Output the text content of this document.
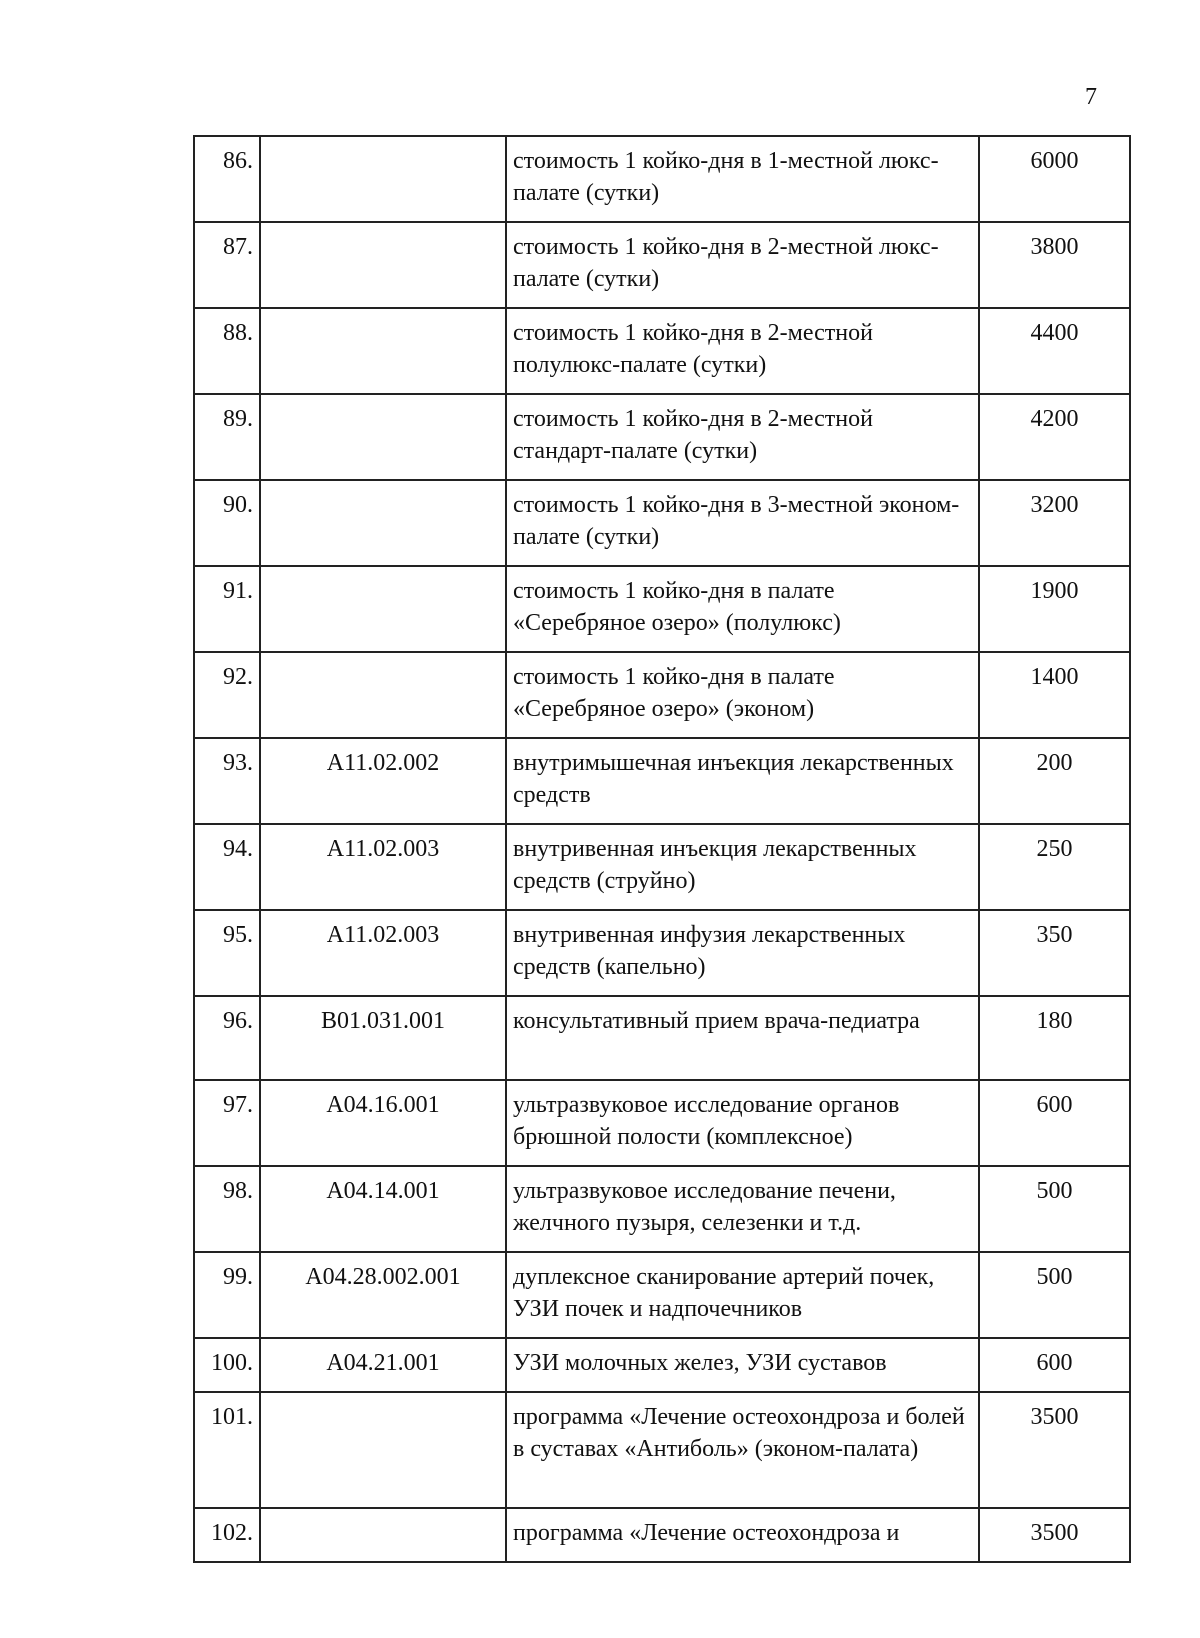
7
86.		стоимость 1 койко-дня в 1-местной люкс-палате (сутки)	6000
87.		стоимость 1 койко-дня в 2-местной люкс-палате (сутки)	3800
88.		стоимость 1 койко-дня в 2-местной полулюкс-палате (сутки)	4400
89.		стоимость 1 койко-дня в 2-местной стандарт-палате (сутки)	4200
90.		стоимость 1 койко-дня в 3-местной эконом-палате (сутки)	3200
91.		стоимость 1 койко-дня в палате «Серебряное озеро» (полулюкс)	1900
92.		стоимость 1 койко-дня в палате «Серебряное озеро» (эконом)	1400
93.	A11.02.002	внутримышечная инъекция лекарственных средств	200
94.	A11.02.003	внутривенная инъекция лекарственных средств (струйно)	250
95.	A11.02.003	внутривенная инфузия лекарственных средств (капельно)	350
96.	B01.031.001	консультативный прием врача-педиатра	180
97.	A04.16.001	ультразвуковое исследование органов брюшной полости (комплексное)	600
98.	A04.14.001	ультразвуковое исследование печени, желчного пузыря, селезенки и т.д.	500
99.	A04.28.002.001	дуплексное сканирование артерий почек, УЗИ почек и надпочечников	500
100.	A04.21.001	УЗИ молочных желез, УЗИ суставов	600
101.		программа «Лечение остеохондроза и болей в суставах «Антиболь» (эконом-палата)	3500
102.		программа «Лечение остеохондроза и	3500
